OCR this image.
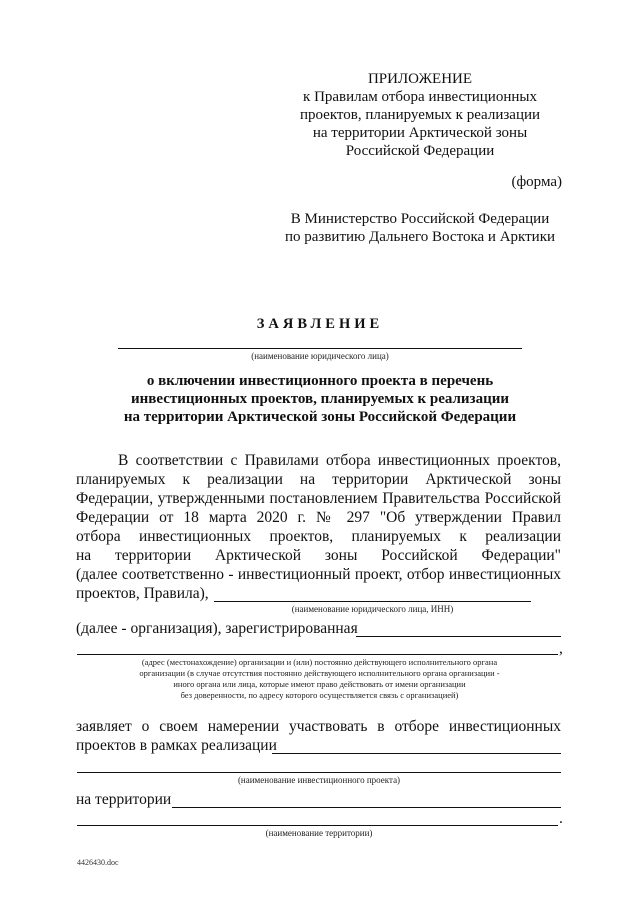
ПРИЛОЖЕНИЕ
к Правилам отбора инвестиционных
проектов, планируемых к реализации
на территории Арктической зоны
Российской Федерации
(форма)
В Министерство Российской Федерации
по развитию Дальнего Востока и Арктики
ЗАЯВЛЕНИЕ
(наименование юридического лица)
о включении инвестиционного проекта в перечень
инвестиционных проектов, планируемых к реализации
на территории Арктической зоны Российской Федерации
В соответствии с Правилами отбора инвестиционных проектов,
планируемых к реализации на территории Арктической зоны
Федерации, утвержденными постановлением Правительства Российской
Федерации от 18 марта 2020 г. № 297 "Об утверждении Правил
отбора инвестиционных проектов, планируемых к реализации
на территории Арктической зоны Российской Федерации"
(далее соответственно - инвестиционный проект, отбор инвестиционных
проектов, Правила),
(наименование юридического лица, ИНН)
(далее - организация), зарегистрированная
,
(адрес (местонахождение) организации и (или) постоянно действующего исполнительного органа
организации (в случае отсутствия постоянно действующего исполнительного органа организации -
иного органа или лица, которые имеют право действовать от имени организации
без доверенности, по адресу которого осуществляется связь с организацией)
заявляет о своем намерении участвовать в отборе инвестиционных
проектов в рамках реализации
(наименование инвестиционного проекта)
на территории
.
(наименование территории)
4426430.doc
